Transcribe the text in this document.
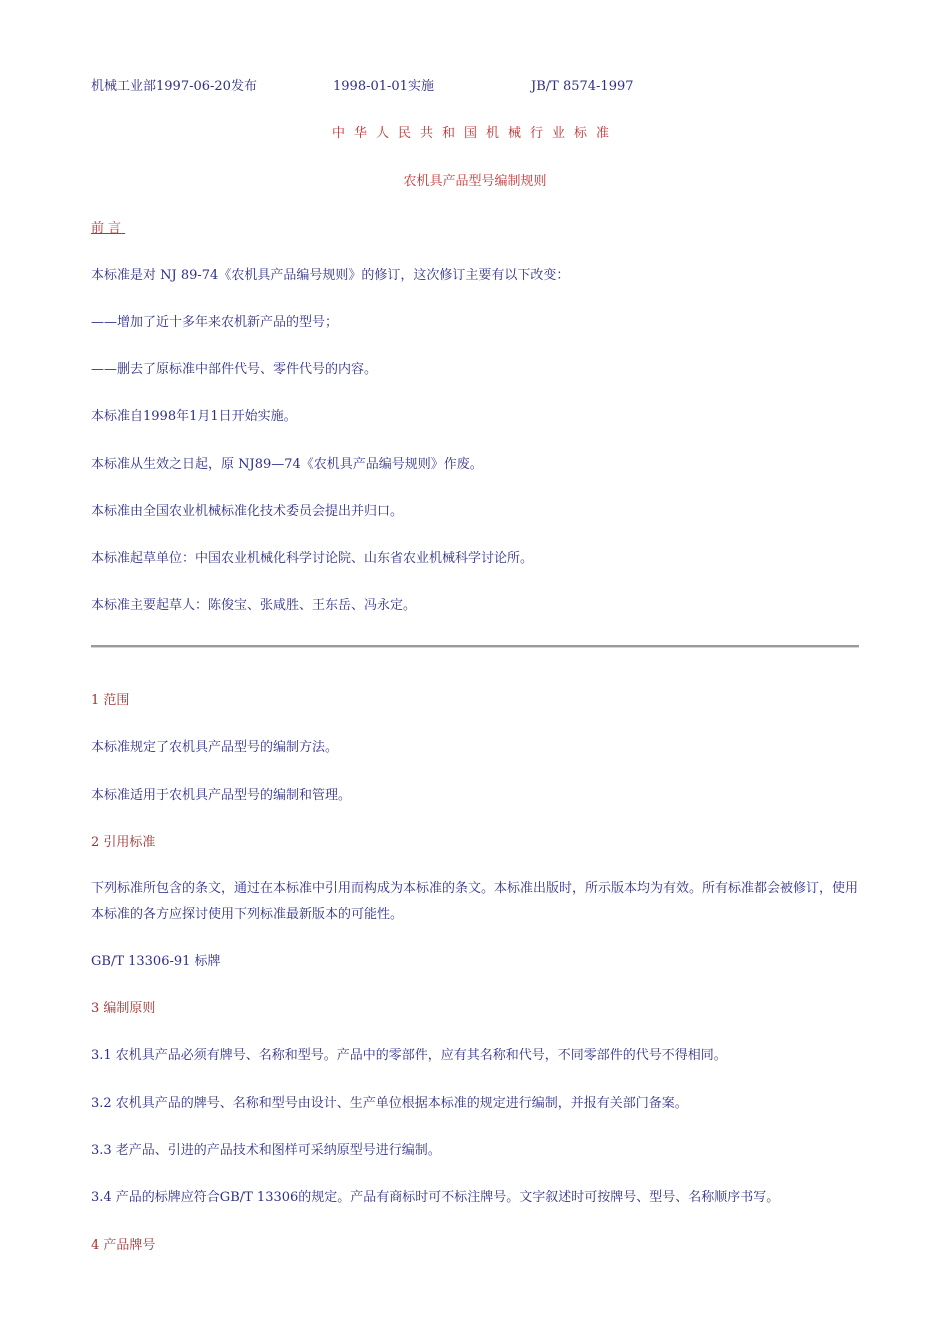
机械工业部1997-06-20发布	1998-01-01实施	JB/T 8574-1997
中华人民共和国机械行业标准
农机具产品型号编制规则
前言
本标准是对 NJ 89-74《农机具产品编号规则》的修订，这次修订主要有以下改变：
——增加了近十多年来农机新产品的型号；
——删去了原标准中部件代号、零件代号的内容。
本标准自1998年1月1日开始实施。
本标准从生效之日起，原 NJ89—74《农机具产品编号规则》作废。
本标准由全国农业机械标准化技术委员会提出并归口。
本标准起草单位：中国农业机械化科学讨论院、山东省农业机械科学讨论所。
本标准主要起草人：陈俊宝、张咸胜、王东岳、冯永定。
1 范围
本标准规定了农机具产品型号的编制方法。
本标准适用于农机具产品型号的编制和管理。
2 引用标准
下列标准所包含的条文，通过在本标准中引用而构成为本标准的条文。本标准出版时，所示版本均为有效。所有标准都会被修订，使用本标准的各方应探讨使用下列标准最新版本的可能性。
GB/T 13306-91 标牌
3 编制原则
3.1 农机具产品必须有牌号、名称和型号。产品中的零部件，应有其名称和代号，不同零部件的代号不得相同。
3.2 农机具产品的牌号、名称和型号由设计、生产单位根据本标准的规定进行编制，并报有关部门备案。
3.3 老产品、引进的产品技术和图样可采纳原型号进行编制。
3.4 产品的标牌应符合GB/T 13306的规定。产品有商标时可不标注牌号。文字叙述时可按牌号、型号、名称顺序书写。
4 产品牌号
